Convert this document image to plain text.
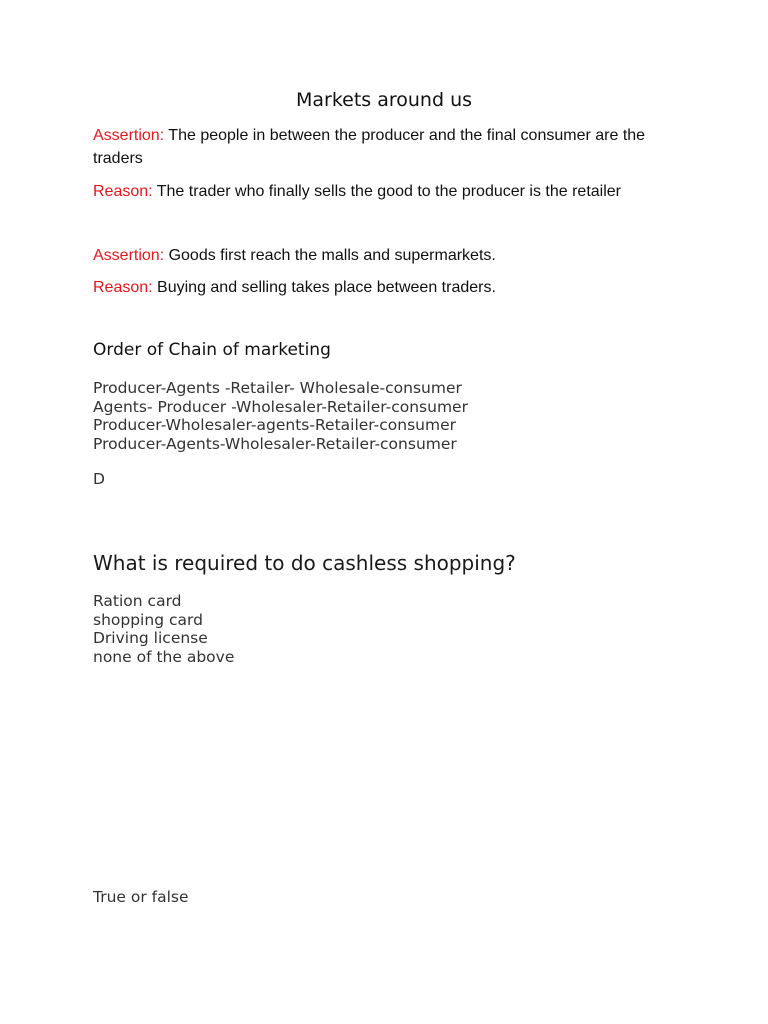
Markets around us
Assertion: The people in between the producer and the final consumer are the traders
Reason: The trader who finally sells the good to the producer is the retailer
Assertion: Goods first reach the malls and supermarkets.
Reason: Buying and selling takes place between traders.
Order of Chain of marketing
Producer-Agents -Retailer- Wholesale-consumer
Agents- Producer -Wholesaler-Retailer-consumer
Producer-Wholesaler-agents-Retailer-consumer
Producer-Agents-Wholesaler-Retailer-consumer
D
What is required to do cashless shopping?
Ration card
shopping card
Driving license
none of the above
True or false
